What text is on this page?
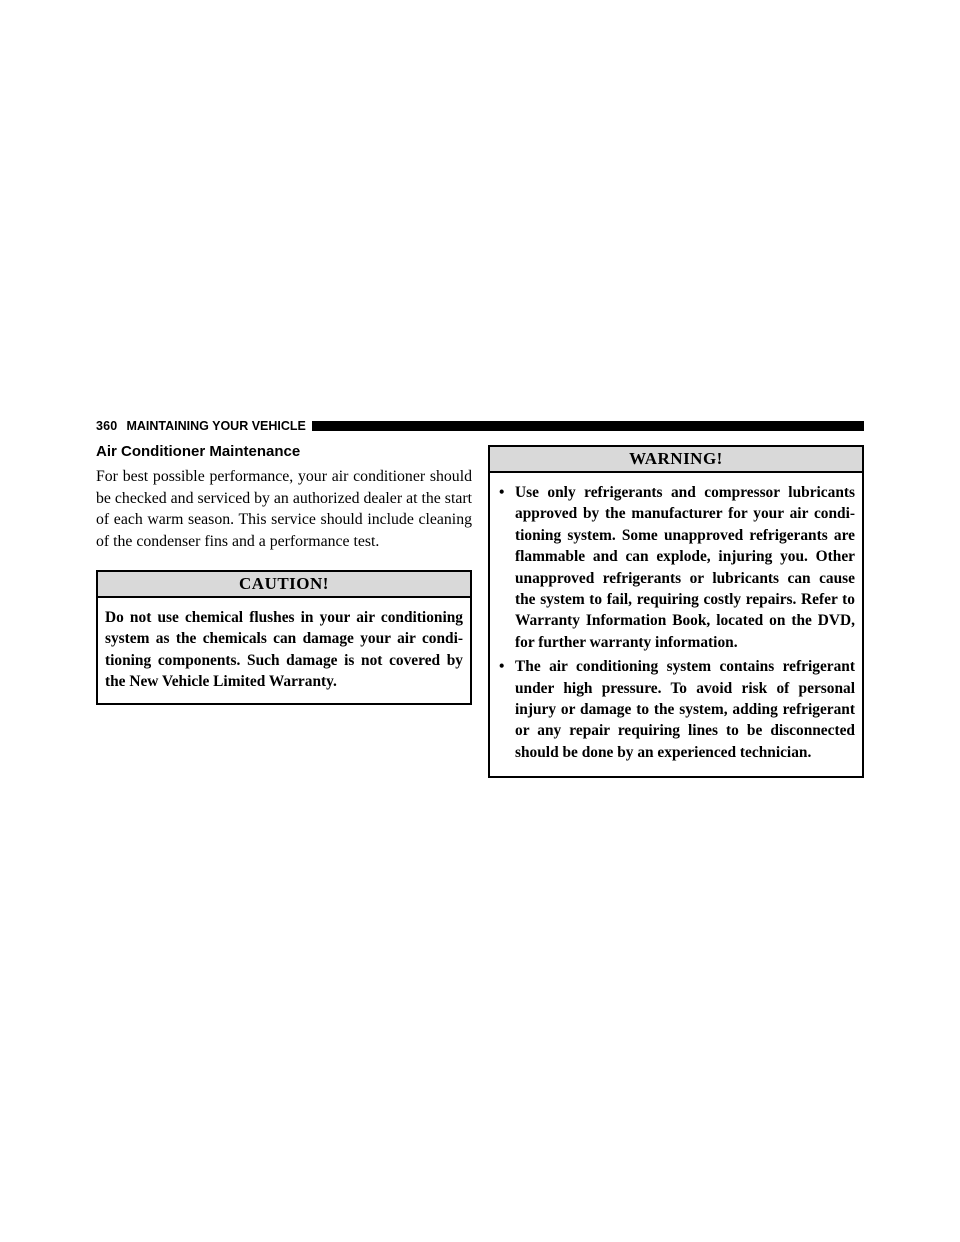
360 MAINTAINING YOUR VEHICLE
Air Conditioner Maintenance

For best possible performance, your air conditioner should be checked and serviced by an authorized dealer at the start of each warm season. This service should include cleaning of the condenser fins and a performance test.

CAUTION!
Do not use chemical flushes in your air conditioning system as the chemicals can damage your air condi-tioning components. Such damage is not covered by the New Vehicle Limited Warranty.
WARNING!
• Use only refrigerants and compressor lubricants approved by the manufacturer for your air condi-tioning system. Some unapproved refrigerants are flammable and can explode, injuring you. Other unapproved refrigerants or lubricants can cause the system to fail, requiring costly repairs. Refer to Warranty Information Book, located on the DVD, for further warranty information.
• The air conditioning system contains refrigerant under high pressure. To avoid risk of personal injury or damage to the system, adding refrigerant or any repair requiring lines to be disconnected should be done by an experienced technician.
